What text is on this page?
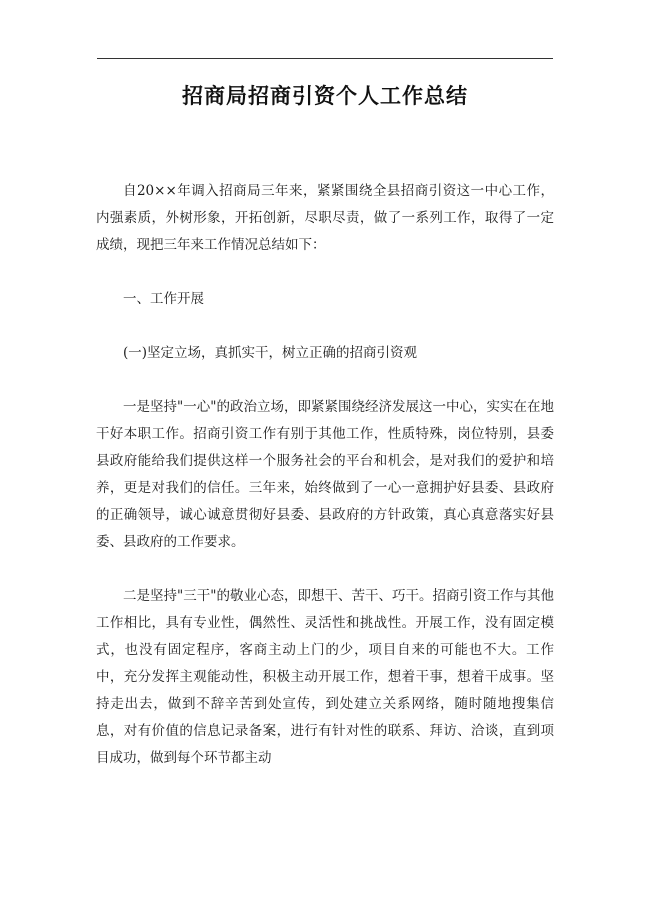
招商局招商引资个人工作总结

自20××年调入招商局三年来，紧紧围绕全县招商引资这一中心工作，内强素质，外树形象，开拓创新，尽职尽责，做了一系列工作，取得了一定成绩，现把三年来工作情况总结如下：

一、工作开展

(一)坚定立场，真抓实干，树立正确的招商引资观

一是坚持"一心"的政治立场，即紧紧围绕经济发展这一中心，实实在在地干好本职工作。招商引资工作有别于其他工作，性质特殊，岗位特别，县委县政府能给我们提供这样一个服务社会的平台和机会，是对我们的爱护和培养，更是对我们的信任。三年来，始终做到了一心一意拥护好县委、县政府的正确领导，诚心诚意贯彻好县委、县政府的方针政策，真心真意落实好县委、县政府的工作要求。

二是坚持"三干"的敬业心态，即想干、苦干、巧干。招商引资工作与其他工作相比，具有专业性，偶然性、灵活性和挑战性。开展工作，没有固定模式，也没有固定程序，客商主动上门的少，项目自来的可能也不大。工作中，充分发挥主观能动性，积极主动开展工作，想着干事，想着干成事。坚持走出去，做到不辞辛苦到处宣传，到处建立关系网络，随时随地搜集信息，对有价值的信息记录备案，进行有针对性的联系、拜访、洽谈，直到项目成功，做到每个环节都主动
